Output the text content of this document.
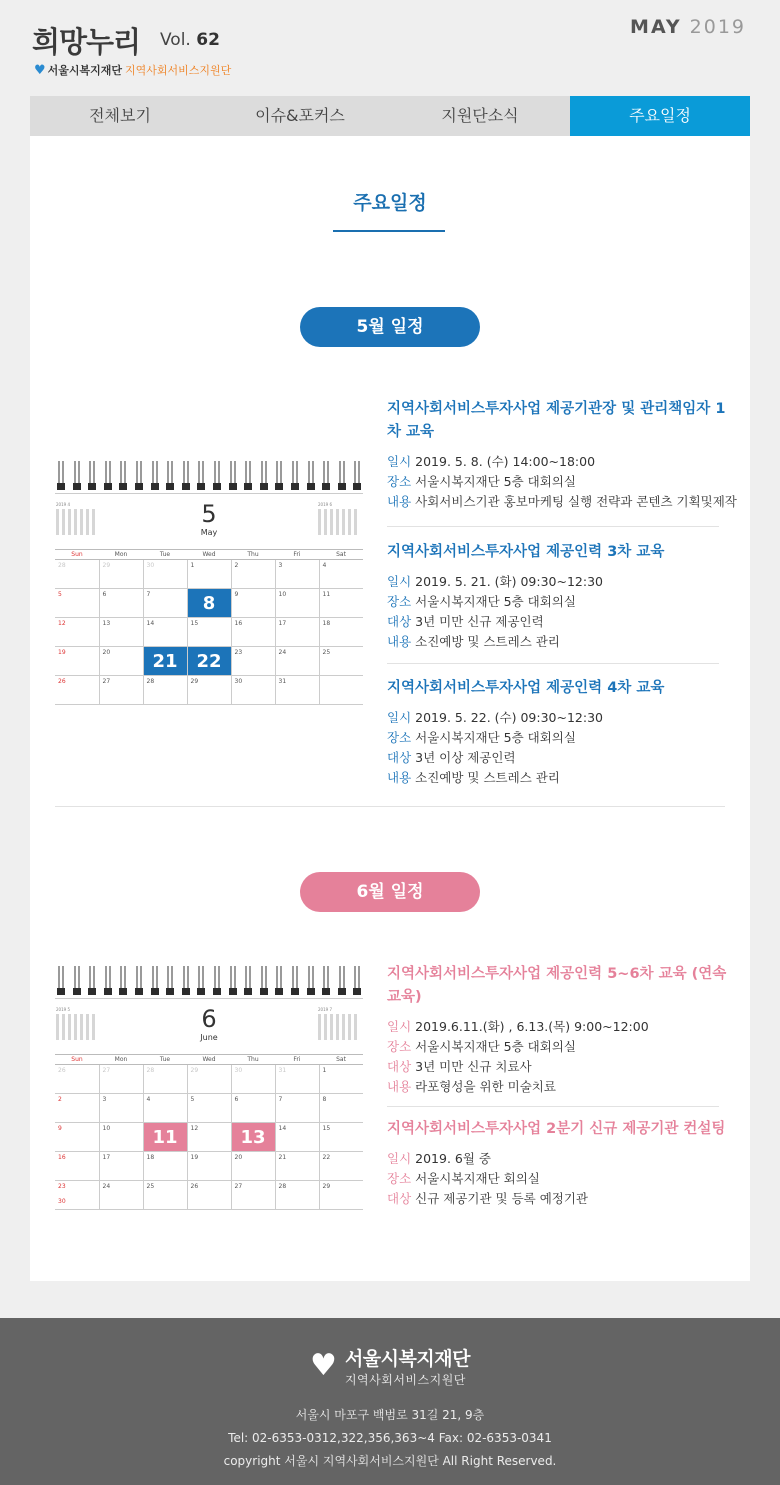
희망누리 Vol. 62
♥ 서울시복지재단 지역사회서비스지원단
MAY 2019
전체보기	이슈&포커스	지원단소식	주요일정
주요일정
5월 일정
2019 4	5
May
2019 6
Sun	Mon	Tue	Wed	Thu	Fri	Sat
28	29	30	1	2	3	4
5	6	7	8	9	10	11
12	13	14	15	16	17	18
19	20	21	22	23	24	25
26	27	28	29	30	31	
지역사회서비스투자사업 제공기관장 및 관리책임자 1차 교육
일시 2019. 5. 8. (수) 14:00~18:00
장소 서울시복지재단 5층 대회의실
내용 사회서비스기관 홍보마케팅 실행 전략과 콘텐츠 기획및제작
지역사회서비스투자사업 제공인력 3차 교육
일시 2019. 5. 21. (화) 09:30~12:30
장소 서울시복지재단 5층 대회의실
대상 3년 미만 신규 제공인력
내용 소진예방 및 스트레스 관리
지역사회서비스투자사업 제공인력 4차 교육
일시 2019. 5. 22. (수) 09:30~12:30
장소 서울시복지재단 5층 대회의실
대상 3년 이상 제공인력
내용 소진예방 및 스트레스 관리
6월 일정
2019 5	6
June
2019 7
Sun	Mon	Tue	Wed	Thu	Fri	Sat
26	27	28	29	30	31	1
2	3	4	5	6	7	8
9	10	11	12	13	14	15
16	17	18	19	20	21	22
23
30	24	25	26	27	28	29
지역사회서비스투자사업 제공인력 5~6차 교육 (연속교육)
일시 2019.6.11.(화) , 6.13.(목) 9:00~12:00
장소 서울시복지재단 5층 대회의실
대상 3년 미만 신규 치료사
내용 라포형성을 위한 미술치료
지역사회서비스투자사업 2분기 신규 제공기관 컨설팅
일시 2019. 6월 중
장소 서울시복지재단 회의실
대상 신규 제공기관 및 등록 예정기관
♥ 서울시복지재단
지역사회서비스지원단
서울시 마포구 백범로 31길 21, 9층
Tel: 02-6353-0312,322,356,363~4 Fax: 02-6353-0341
copyright 서울시 지역사회서비스지원단 All Right Reserved.
